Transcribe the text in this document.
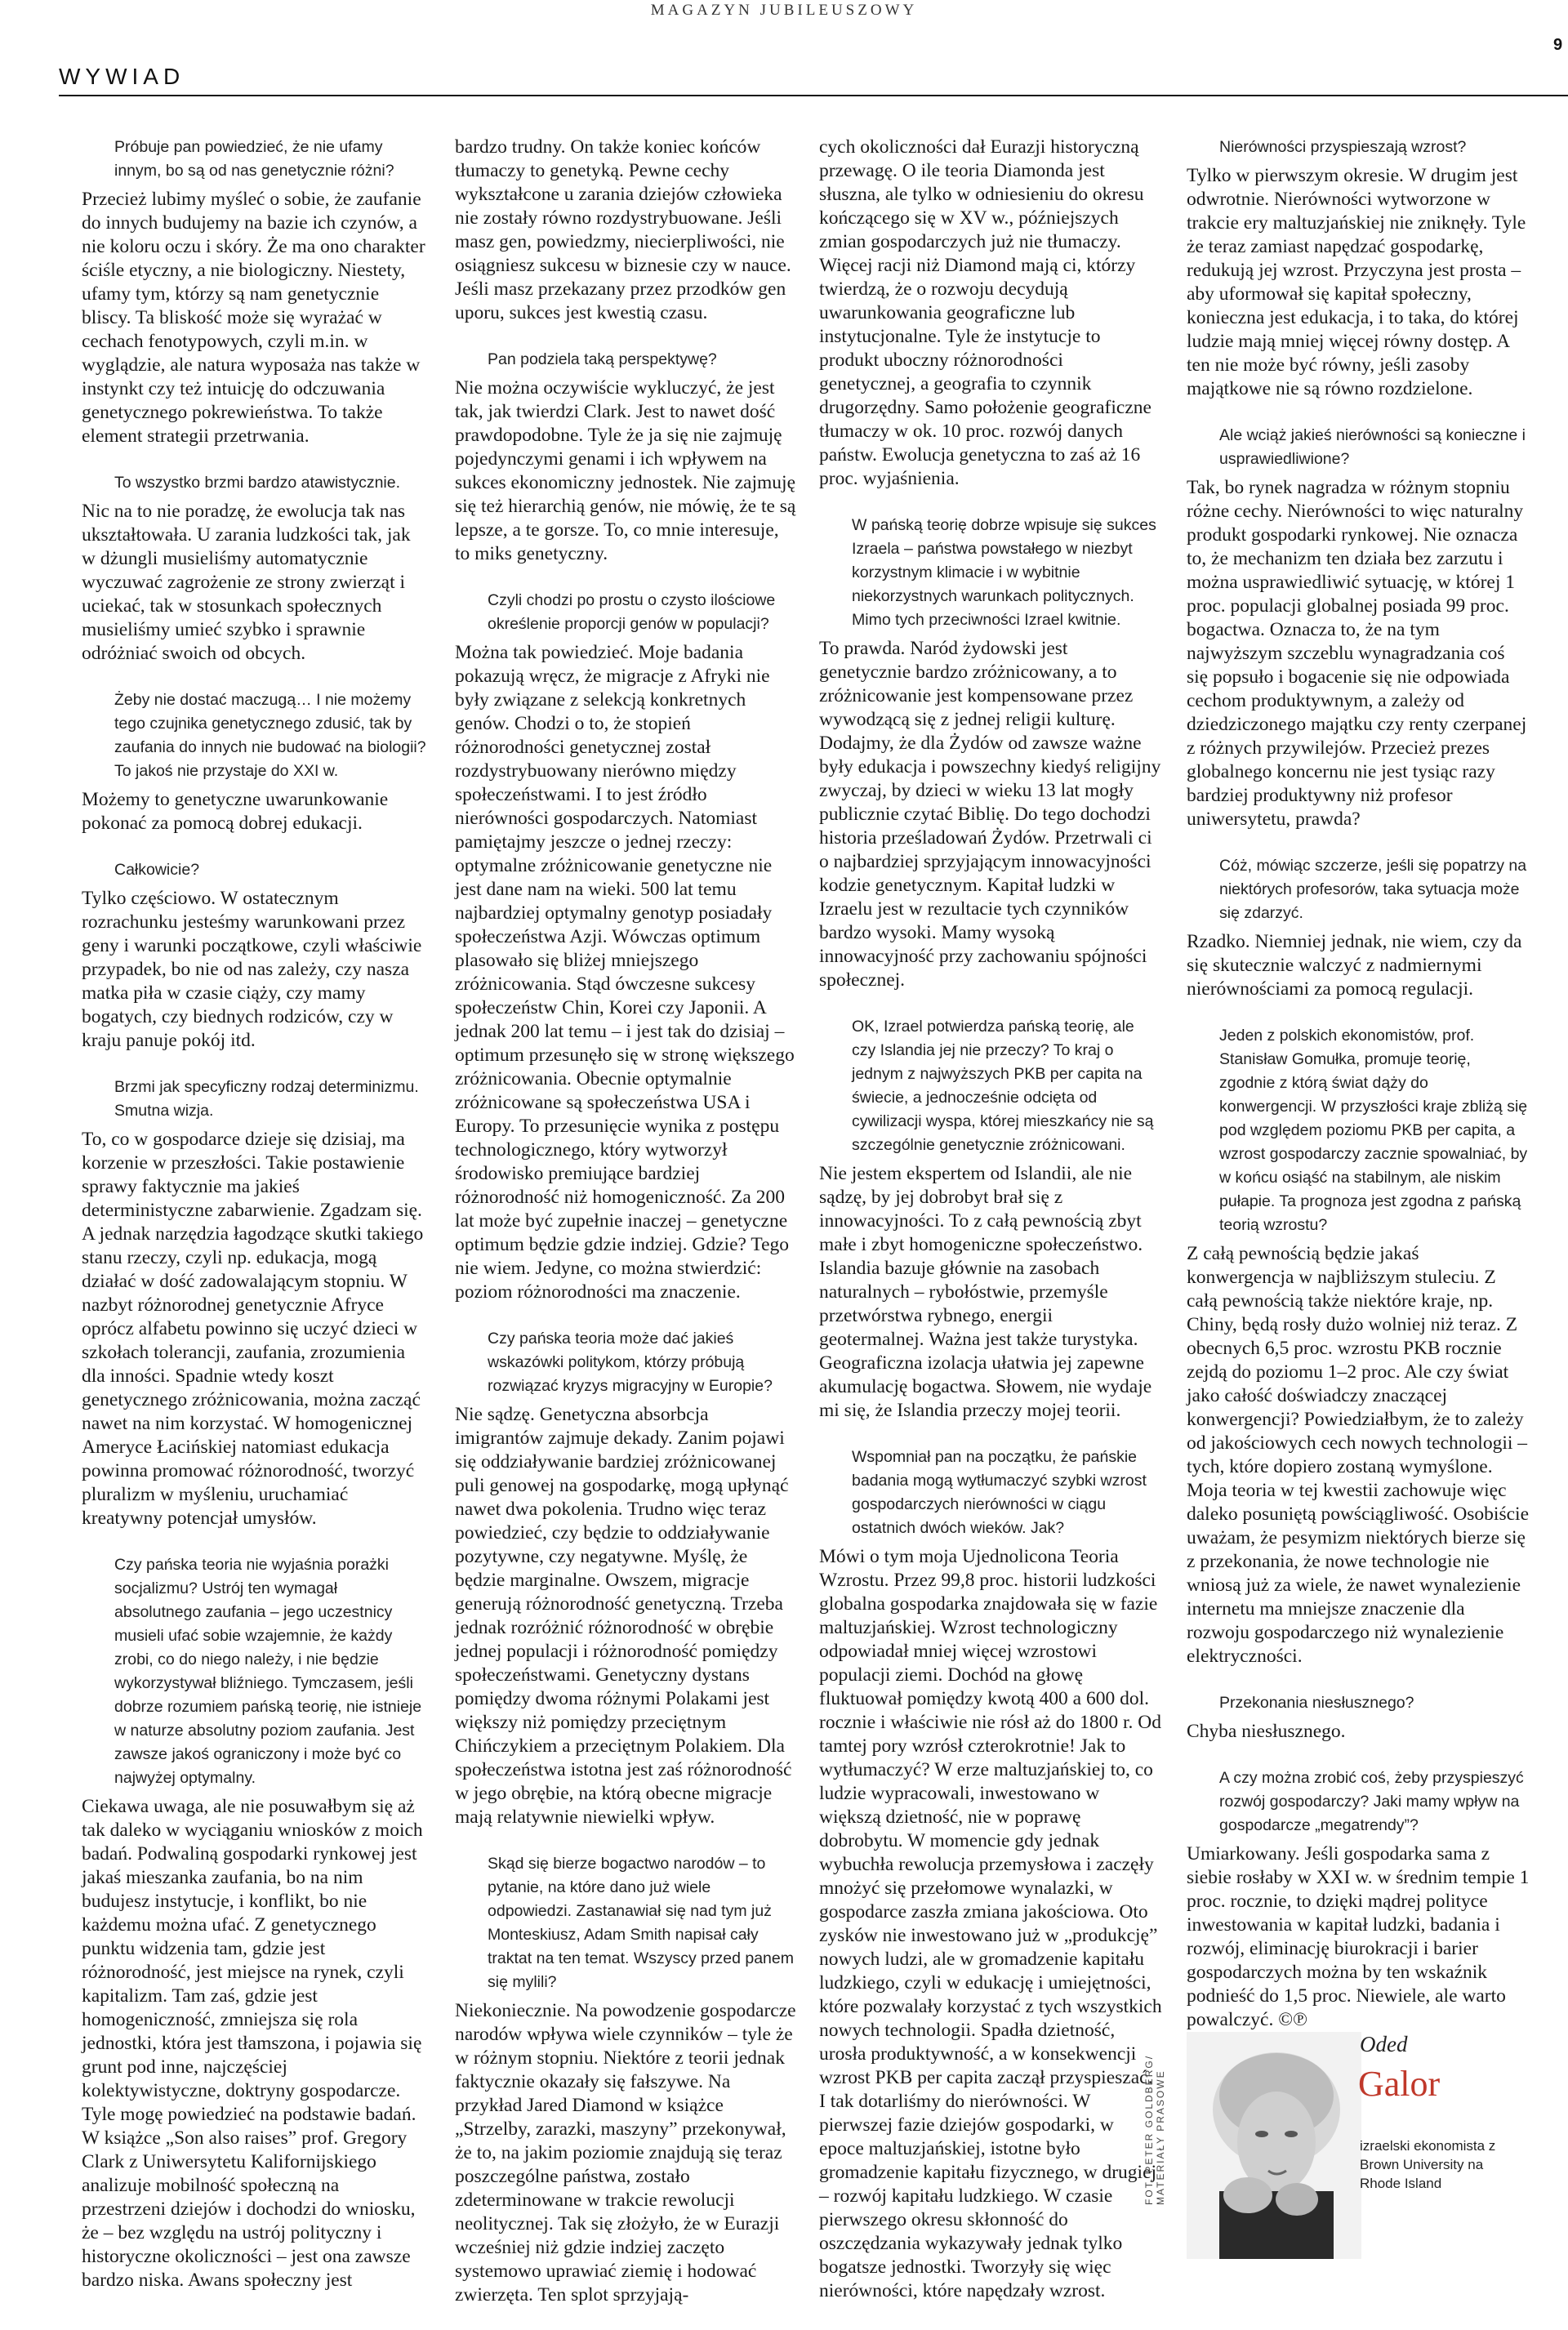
MAGAZYN JUBILEUSZOWY
WYWIAD
9

Próbuje pan powiedzieć, że nie ufamy innym, bo są od nas genetycznie różni?

Przecież lubimy myśleć o sobie, że zaufanie do innych budujemy na bazie ich czynów, a nie koloru oczu i skóry. Że ma ono charakter ściśle etyczny, a nie biologiczny. Niestety, ufamy tym, którzy są nam genetycznie bliscy. Ta bliskość może się wyrażać w cechach fenotypowych, czyli m.in. w wyglądzie, ale natura wyposaża nas także w instynkt czy też intuicję do odczuwania genetycznego pokrewieństwa. To także element strategii przetrwania.

To wszystko brzmi bardzo atawistycznie.

Nic na to nie poradzę, że ewolucja tak nas ukształtowała. U zarania ludzkości tak, jak w dżungli musieliśmy automatycznie wyczuwać zagrożenie ze strony zwierząt i uciekać, tak w stosunkach społecznych musieliśmy umieć szybko i sprawnie odróżniać swoich od obcych.

Żeby nie dostać maczugą… I nie możemy tego czujnika genetycznego zdusić, tak by zaufania do innych nie budować na biologii? To jakoś nie przystaje do XXI w.

Możemy to genetyczne uwarunkowanie pokonać za pomocą dobrej edukacji.

Całkowicie?

Tylko częściowo. W ostatecznym rozrachunku jesteśmy warunkowani przez geny i warunki początkowe, czyli właściwie przypadek, bo nie od nas zależy, czy nasza matka piła w czasie ciąży, czy mamy bogatych, czy biednych rodziców, czy w kraju panuje pokój itd.

Brzmi jak specyficzny rodzaj determinizmu. Smutna wizja.

To, co w gospodarce dzieje się dzisiaj, ma korzenie w przeszłości. Takie postawienie sprawy faktycznie ma jakieś deterministyczne zabarwienie. Zgadzam się. A jednak narzędzia łagodzące skutki takiego stanu rzeczy, czyli np. edukacja, mogą działać w dość zadowalającym stopniu. W nazbyt różnorodnej genetycznie Afryce oprócz alfabetu powinno się uczyć dzieci w szkołach tolerancji, zaufania, zrozumienia dla inności. Spadnie wtedy koszt genetycznego zróżnicowania, można zacząć nawet na nim korzystać. W homogenicznej Ameryce Łacińskiej natomiast edukacja powinna promować różnorodność, tworzyć pluralizm w myśleniu, uruchamiać kreatywny potencjał umysłów.

Czy pańska teoria nie wyjaśnia porażki socjalizmu? Ustrój ten wymagał absolutnego zaufania – jego uczestnicy musieli ufać sobie wzajemnie, że każdy zrobi, co do niego należy, i nie będzie wykorzystywał bliźniego. Tymczasem, jeśli dobrze rozumiem pańską teorię, nie istnieje w naturze absolutny poziom zaufania. Jest zawsze jakoś ograniczony i może być co najwyżej optymalny.

Ciekawa uwaga, ale nie posuwałbym się aż tak daleko w wyciąganiu wniosków z moich badań. Podwaliną gospodarki rynkowej jest jakaś mieszanka zaufania, bo na nim budujesz instytucje, i konflikt, bo nie każdemu można ufać. Z genetycznego punktu widzenia tam, gdzie jest różnorodność, jest miejsce na rynek, czyli kapitalizm. Tam zaś, gdzie jest homogeniczność, zmniejsza się rola jednostki, która jest tłamszona, i pojawia się grunt pod inne, najczęściej kolektywistyczne, doktryny gospodarcze. Tyle mogę powiedzieć na podstawie badań. W książce „Son also raises” prof. Gregory Clark z Uniwersytetu Kalifornijskiego analizuje mobilność społeczną na przestrzeni dziejów i dochodzi do wniosku, że – bez względu na ustrój polityczny i historyczne okoliczności – jest ona zawsze bardzo niska. Awans społeczny jest

bardzo trudny. On także koniec końców tłumaczy to genetyką. Pewne cechy wykształcone u zarania dziejów człowieka nie zostały równo rozdystrybuowane. Jeśli masz gen, powiedzmy, niecierpliwości, nie osiągniesz sukcesu w biznesie czy w nauce. Jeśli masz przekazany przez przodków gen uporu, sukces jest kwestią czasu.

Pan podziela taką perspektywę?

Nie można oczywiście wykluczyć, że jest tak, jak twierdzi Clark. Jest to nawet dość prawdopodobne. Tyle że ja się nie zajmuję pojedynczymi genami i ich wpływem na sukces ekonomiczny jednostek. Nie zajmuję się też hierarchią genów, nie mówię, że te są lepsze, a te gorsze. To, co mnie interesuje, to miks genetyczny.

Czyli chodzi po prostu o czysto ilościowe określenie proporcji genów w populacji?

Można tak powiedzieć. Moje badania pokazują wręcz, że migracje z Afryki nie były związane z selekcją konkretnych genów. Chodzi o to, że stopień różnorodności genetycznej został rozdystrybuowany nierówno między społeczeństwami. I to jest źródło nierówności gospodarczych. Natomiast pamiętajmy jeszcze o jednej rzeczy: optymalne zróżnicowanie genetyczne nie jest dane nam na wieki. 500 lat temu najbardziej optymalny genotyp posiadały społeczeństwa Azji. Wówczas optimum plasowało się bliżej mniejszego zróżnicowania. Stąd ówczesne sukcesy społeczeństw Chin, Korei czy Japonii. A jednak 200 lat temu – i jest tak do dzisiaj – optimum przesunęło się w stronę większego zróżnicowania. Obecnie optymalnie zróżnicowane są społeczeństwa USA i Europy. To przesunięcie wynika z postępu technologicznego, który wytworzył środowisko premiujące bardziej różnorodność niż homogeniczność. Za 200 lat może być zupełnie inaczej – genetyczne optimum będzie gdzie indziej. Gdzie? Tego nie wiem. Jedyne, co można stwierdzić: poziom różnorodności ma znaczenie.

Czy pańska teoria może dać jakieś wskazówki politykom, którzy próbują rozwiązać kryzys migracyjny w Europie?

Nie sądzę. Genetyczna absorbcja imigrantów zajmuje dekady. Zanim pojawi się oddziaływanie bardziej zróżnicowanej puli genowej na gospodarkę, mogą upłynąć nawet dwa pokolenia. Trudno więc teraz powiedzieć, czy będzie to oddziaływanie pozytywne, czy negatywne. Myślę, że będzie marginalne. Owszem, migracje generują różnorodność genetyczną. Trzeba jednak rozróżnić różnorodność w obrębie jednej populacji i różnorodność pomiędzy społeczeństwami. Genetyczny dystans pomiędzy dwoma różnymi Polakami jest większy niż pomiędzy przeciętnym Chińczykiem a przeciętnym Polakiem. Dla społeczeństwa istotna jest zaś różnorodność w jego obrębie, na którą obecne migracje mają relatywnie niewielki wpływ.

Skąd się bierze bogactwo narodów – to pytanie, na które dano już wiele odpowiedzi. Zastanawiał się nad tym już Monteskiusz, Adam Smith napisał cały traktat na ten temat. Wszyscy przed panem się mylili?

Niekoniecznie. Na powodzenie gospodarcze narodów wpływa wiele czynników – tyle że w różnym stopniu. Niektóre z teorii jednak faktycznie okazały się fałszywe. Na przykład Jared Diamond w książce „Strzelby, zarazki, maszyny” przekonywał, że to, na jakim poziomie znajdują się teraz poszczególne państwa, zostało zdeterminowane w trakcie rewolucji neolitycznej. Tak się złożyło, że w Eurazji wcześniej niż gdzie indziej zaczęto systemowo uprawiać ziemię i hodować zwierzęta. Ten splot sprzyjają-

cych okoliczności dał Eurazji historyczną przewagę. O ile teoria Diamonda jest słuszna, ale tylko w odniesieniu do okresu kończącego się w XV w., późniejszych zmian gospodarczych już nie tłumaczy. Więcej racji niż Diamond mają ci, którzy twierdzą, że o rozwoju decydują uwarunkowania geograficzne lub instytucjonalne. Tyle że instytucje to produkt uboczny różnorodności genetycznej, a geografia to czynnik drugorzędny. Samo położenie geograficzne tłumaczy w ok. 10 proc. rozwój danych państw. Ewolucja genetyczna to zaś aż 16 proc. wyjaśnienia.

W pańską teorię dobrze wpisuje się sukces Izraela – państwa powstałego w niezbyt korzystnym klimacie i w wybitnie niekorzystnych warunkach politycznych. Mimo tych przeciwności Izrael kwitnie.

To prawda. Naród żydowski jest genetycznie bardzo zróżnicowany, a to zróżnicowanie jest kompensowane przez wywodzącą się z jednej religii kulturę. Dodajmy, że dla Żydów od zawsze ważne były edukacja i powszechny kiedyś religijny zwyczaj, by dzieci w wieku 13 lat mogły publicznie czytać Biblię. Do tego dochodzi historia prześladowań Żydów. Przetrwali ci o najbardziej sprzyjającym innowacyjności kodzie genetycznym. Kapitał ludzki w Izraelu jest w rezultacie tych czynników bardzo wysoki. Mamy wysoką innowacyjność przy zachowaniu spójności społecznej.

OK, Izrael potwierdza pańską teorię, ale czy Islandia jej nie przeczy? To kraj o jednym z najwyższych PKB per capita na świecie, a jednocześnie odcięta od cywilizacji wyspa, której mieszkańcy nie są szczególnie genetycznie zróżnicowani.

Nie jestem ekspertem od Islandii, ale nie sądzę, by jej dobrobyt brał się z innowacyjności. To z całą pewnością zbyt małe i zbyt homogeniczne społeczeństwo. Islandia bazuje głównie na zasobach naturalnych – rybołóstwie, przemyśle przetwórstwa rybnego, energii geotermalnej. Ważna jest także turystyka. Geograficzna izolacja ułatwia jej zapewne akumulację bogactwa. Słowem, nie wydaje mi się, że Islandia przeczy mojej teorii.

Wspomniał pan na początku, że pańskie badania mogą wytłumaczyć szybki wzrost gospodarczych nierówności w ciągu ostatnich dwóch wieków. Jak?

Mówi o tym moja Ujednolicona Teoria Wzrostu. Przez 99,8 proc. historii ludzkości globalna gospodarka znajdowała się w fazie maltuzjańskiej. Wzrost technologiczny odpowiadał mniej więcej wzrostowi populacji ziemi. Dochód na głowę fluktuował pomiędzy kwotą 400 a 600 dol. rocznie i właściwie nie rósł aż do 1800 r. Od tamtej pory wzrósł czterokrotnie! Jak to wytłumaczyć? W erze maltuzjańskiej to, co ludzie wypracowali, inwestowano w większą dzietność, nie w poprawę dobrobytu. W momencie gdy jednak wybuchła rewolucja przemysłowa i zaczęły mnożyć się przełomowe wynalazki, w gospodarce zaszła zmiana jakościowa. Oto zysków nie inwestowano już w „produkcję” nowych ludzi, ale w gromadzenie kapitału ludzkiego, czyli w edukację i umiejętności, które pozwalały korzystać z tych wszystkich nowych technologii. Spadła dzietność, urosła produktywność, a w konsekwencji wzrost PKB per capita zaczął przyspieszać. I tak dotarliśmy do nierówności. W pierwszej fazie dziejów gospodarki, w epoce maltuzjańskiej, istotne było gromadzenie kapitału fizycznego, w drugiej – rozwój kapitału ludzkiego. W czasie pierwszego okresu skłonność do oszczędzania wykazywały jednak tylko bogatsze jednostki. Tworzyły się więc nierówności, które napędzały wzrost.

Nierówności przyspieszają wzrost?

Tylko w pierwszym okresie. W drugim jest odwrotnie. Nierówności wytworzone w trakcie ery maltuzjańskiej nie zniknęły. Tyle że teraz zamiast napędzać gospodarkę, redukują jej wzrost. Przyczyna jest prosta – aby uformował się kapitał społeczny, konieczna jest edukacja, i to taka, do której ludzie mają mniej więcej równy dostęp. A ten nie może być równy, jeśli zasoby majątkowe nie są równo rozdzielone.

Ale wciąż jakieś nierówności są konieczne i usprawiedliwione?

Tak, bo rynek nagradza w różnym stopniu różne cechy. Nierówności to więc naturalny produkt gospodarki rynkowej. Nie oznacza to, że mechanizm ten działa bez zarzutu i można usprawiedliwić sytuację, w której 1 proc. populacji globalnej posiada 99 proc. bogactwa. Oznacza to, że na tym najwyższym szczeblu wynagradzania coś się popsuło i bogacenie się nie odpowiada cechom produktywnym, a zależy od dziedziczonego majątku czy renty czerpanej z różnych przywilejów. Przecież prezes globalnego koncernu nie jest tysiąc razy bardziej produktywny niż profesor uniwersytetu, prawda?

Cóż, mówiąc szczerze, jeśli się popatrzy na niektórych profesorów, taka sytuacja może się zdarzyć.

Rzadko. Niemniej jednak, nie wiem, czy da się skutecznie walczyć z nadmiernymi nierównościami za pomocą regulacji.

Jeden z polskich ekonomistów, prof. Stanisław Gomułka, promuje teorię, zgodnie z którą świat dąży do konwergencji. W przyszłości kraje zbliżą się pod względem poziomu PKB per capita, a wzrost gospodarczy zacznie spowalniać, by w końcu osiąść na stabilnym, ale niskim pułapie. Ta prognoza jest zgodna z pańską teorią wzrostu?

Z całą pewnością będzie jakaś konwergencja w najbliższym stuleciu. Z całą pewnością także niektóre kraje, np. Chiny, będą rosły dużo wolniej niż teraz. Z obecnych 6,5 proc. wzrostu PKB rocznie zejdą do poziomu 1–2 proc. Ale czy świat jako całość doświadczy znaczącej konwergencji? Powiedziałbym, że to zależy od jakościowych cech nowych technologii – tych, które dopiero zostaną wymyślone. Moja teoria w tej kwestii zachowuje więc daleko posuniętą powściągliwość. Osobiście uważam, że pesymizm niektórych bierze się z przekonania, że nowe technologie nie wniosą już za wiele, że nawet wynalezienie internetu ma mniejsze znaczenie dla rozwoju gospodarczego niż wynalezienie elektryczności.

Przekonania niesłusznego?

Chyba niesłusznego.

A czy można zrobić coś, żeby przyspieszyć rozwój gospodarczy? Jaki mamy wpływ na gospodarcze „megatrendy”?

Umiarkowany. Jeśli gospodarka sama z siebie rosłaby w XXI w. w średnim tempie 1 proc. rocznie, to dzięki mądrej polityce inwestowania w kapitał ludzki, badania i rozwój, eliminację biurokracji i barier gospodarczych można by ten wskaźnik podnieść do 1,5 proc. Niewiele, ale warto powalczyć. ©℗

FOT. PETER GOLDBERG/ MATERIAŁY PRASOWE
Oded
Galor
izraelski ekonomista z Brown University na Rhode Island
